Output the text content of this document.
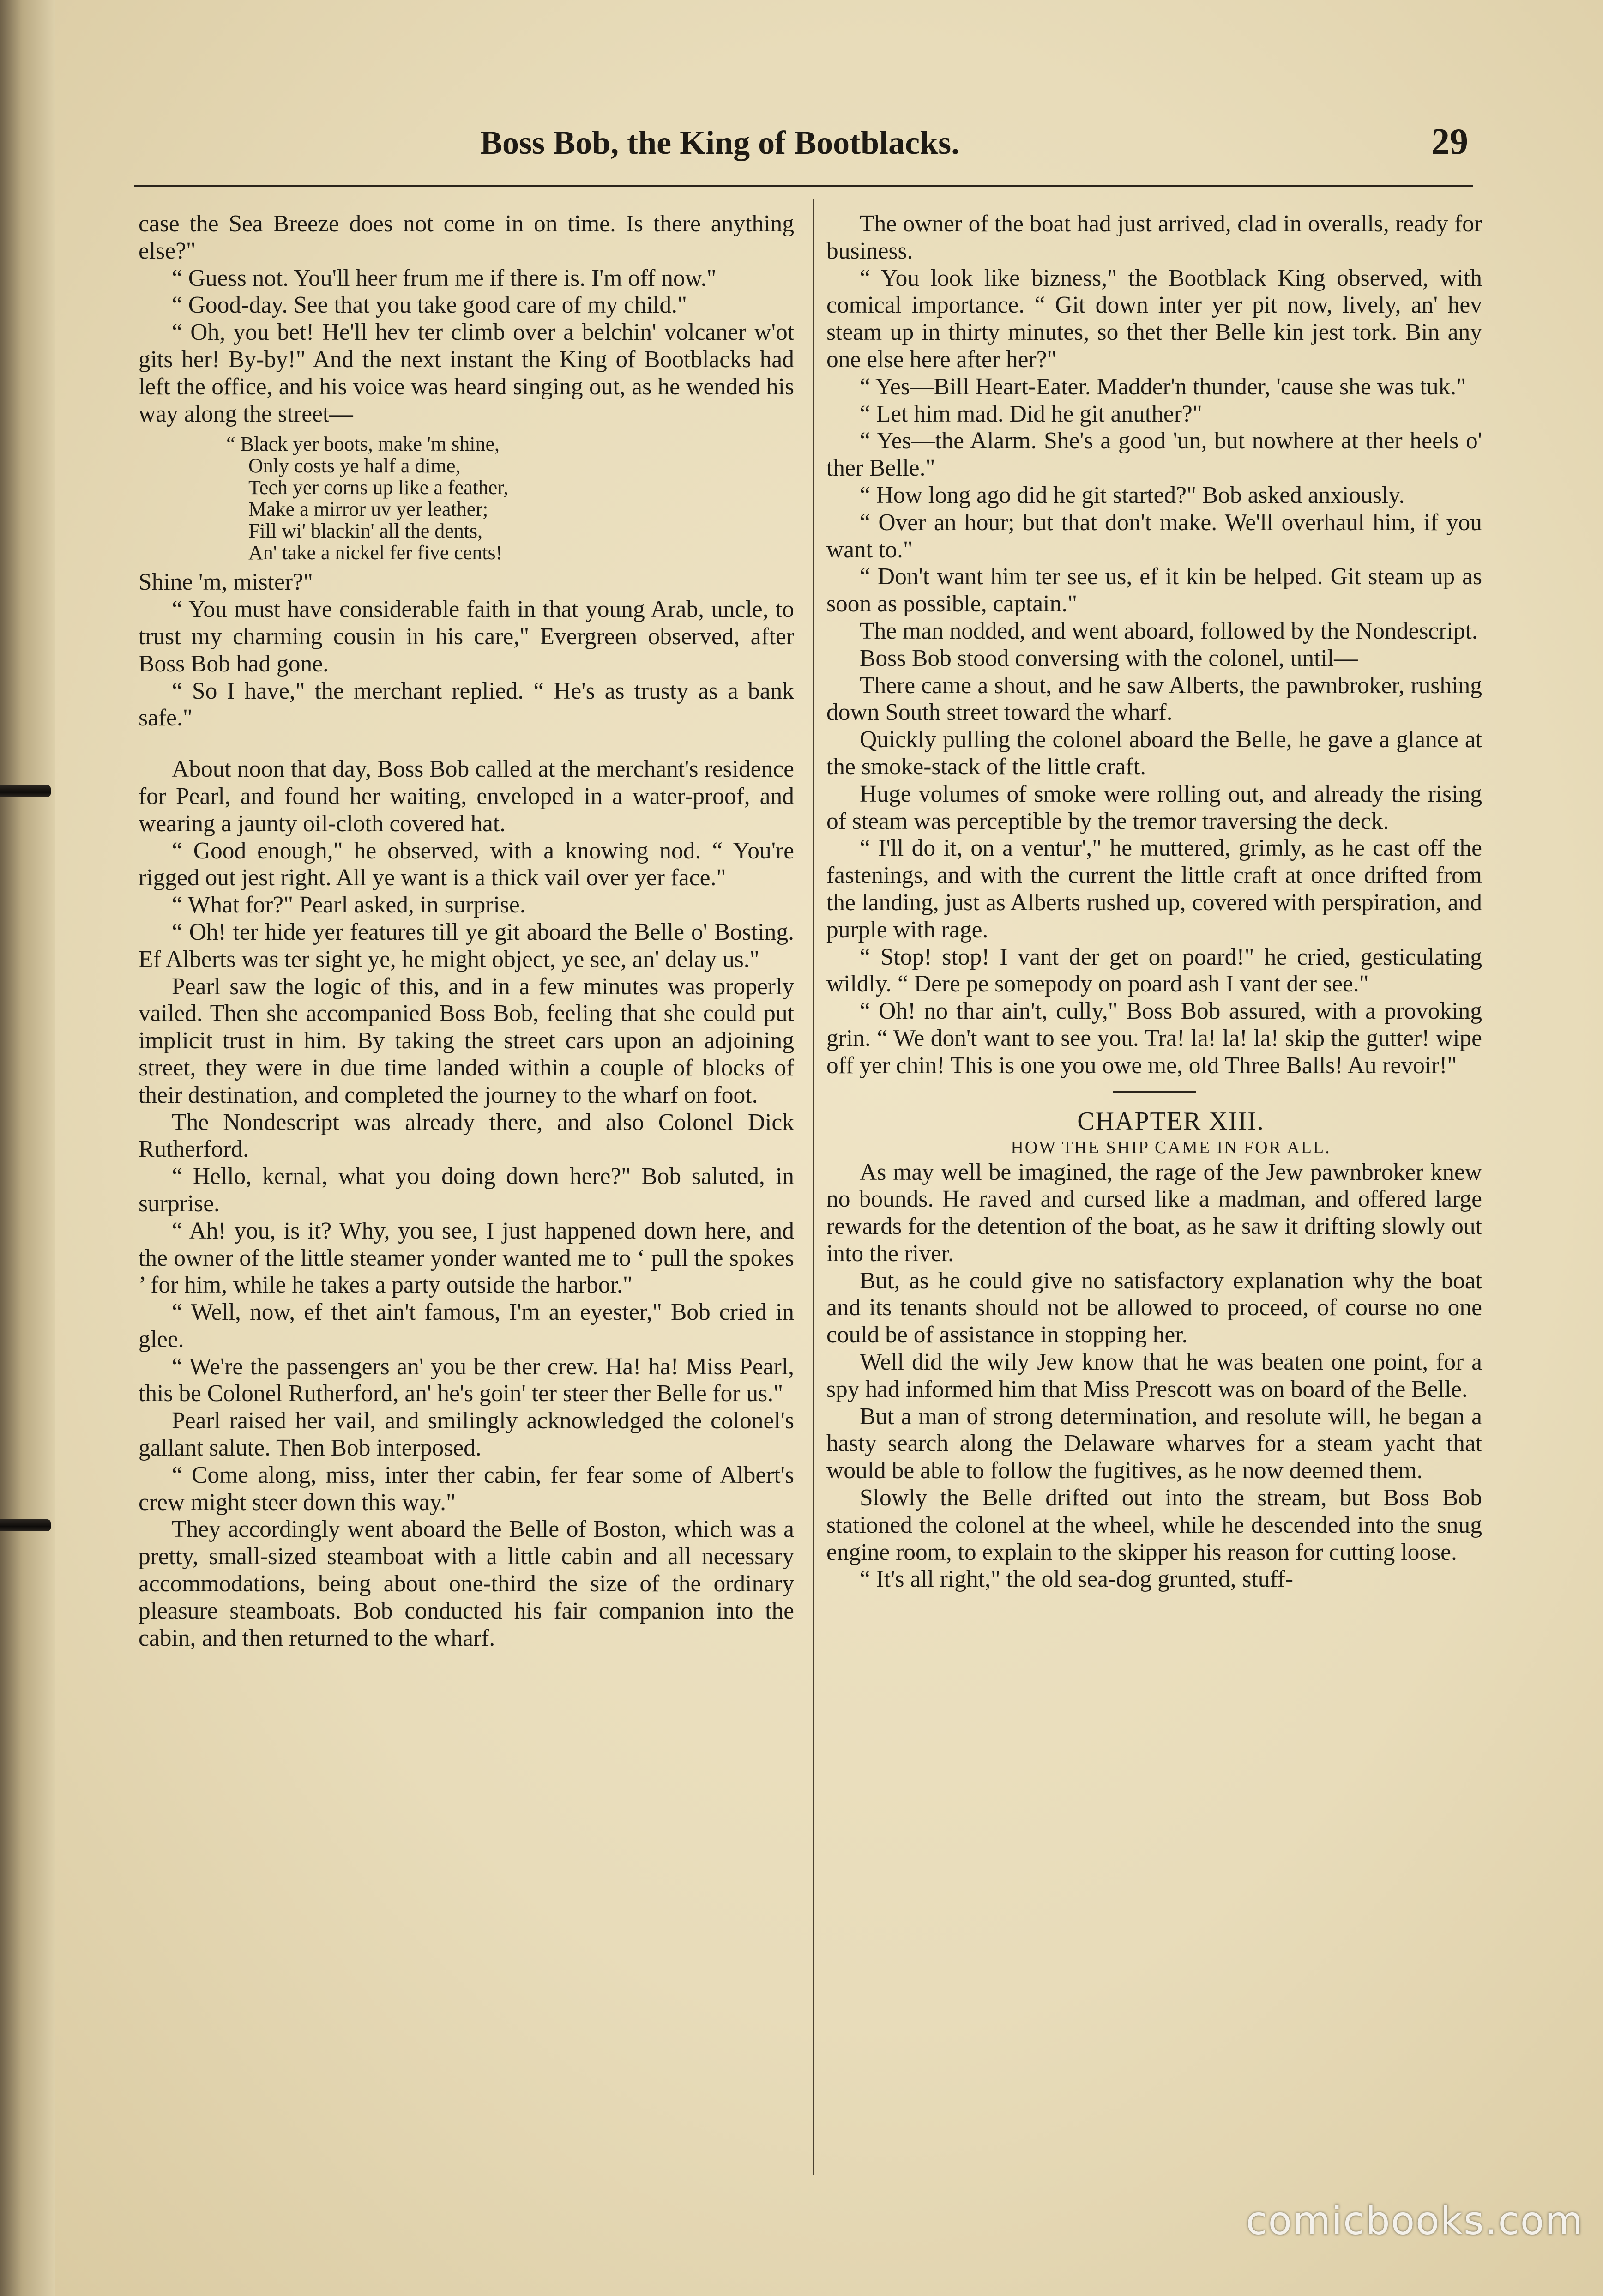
Boss Bob, the King of Bootblacks.	29

case the Sea Breeze does not come in on time. Is there anything else?"

“ Guess not. You'll heer frum me if there is. I'm off now."

“ Good-day. See that you take good care of my child."

“ Oh, you bet! He'll hev ter climb over a belchin' volcaner w'ot gits her! By-by!" And the next instant the King of Bootblacks had left the office, and his voice was heard singing out, as he wended his way along the street—

“ Black yer boots, make 'm shine,
Only costs ye half a dime,
Tech yer corns up like a feather,
Make a mirror uv yer leather;
Fill wi' blackin' all the dents,
An' take a nickel fer five cents!

Shine 'm, mister?"

“ You must have considerable faith in that young Arab, uncle, to trust my charming cousin in his care," Evergreen observed, after Boss Bob had gone.

“ So I have," the merchant replied. “ He's as trusty as a bank safe."

About noon that day, Boss Bob called at the merchant's residence for Pearl, and found her waiting, enveloped in a water-proof, and wearing a jaunty oil-cloth covered hat.

“ Good enough," he observed, with a knowing nod. “ You're rigged out jest right. All ye want is a thick vail over yer face."

“ What for?" Pearl asked, in surprise.

“ Oh! ter hide yer features till ye git aboard the Belle o' Bosting. Ef Alberts was ter sight ye, he might object, ye see, an' delay us."

Pearl saw the logic of this, and in a few minutes was properly vailed. Then she accompanied Boss Bob, feeling that she could put implicit trust in him. By taking the street cars upon an adjoining street, they were in due time landed within a couple of blocks of their destination, and completed the journey to the wharf on foot.

The Nondescript was already there, and also Colonel Dick Rutherford.

“ Hello, kernal, what you doing down here?" Bob saluted, in surprise.

“ Ah! you, is it? Why, you see, I just happened down here, and the owner of the little steamer yonder wanted me to ‘ pull the spokes ’ for him, while he takes a party outside the harbor."

“ Well, now, ef thet ain't famous, I'm an eyester," Bob cried in glee.

“ We're the passengers an' you be ther crew. Ha! ha! Miss Pearl, this be Colonel Rutherford, an' he's goin' ter steer ther Belle for us."

Pearl raised her vail, and smilingly acknowledged the colonel's gallant salute. Then Bob interposed.

“ Come along, miss, inter ther cabin, fer fear some of Albert's crew might steer down this way."

They accordingly went aboard the Belle of Boston, which was a pretty, small-sized steamboat with a little cabin and all necessary accommodations, being about one-third the size of the ordinary pleasure steamboats. Bob conducted his fair companion into the cabin, and then returned to the wharf.

The owner of the boat had just arrived, clad in overalls, ready for business.

“ You look like bizness," the Bootblack King observed, with comical importance. “ Git down inter yer pit now, lively, an' hev steam up in thirty minutes, so thet ther Belle kin jest tork. Bin any one else here after her?"

“ Yes—Bill Heart-Eater. Madder'n thunder, 'cause she was tuk."

“ Let him mad. Did he git anuther?"

“ Yes—the Alarm. She's a good 'un, but nowhere at ther heels o' ther Belle."

“ How long ago did he git started?" Bob asked anxiously.

“ Over an hour; but that don't make. We'll overhaul him, if you want to."

“ Don't want him ter see us, ef it kin be helped. Git steam up as soon as possible, captain."

The man nodded, and went aboard, followed by the Nondescript.

Boss Bob stood conversing with the colonel, until—

There came a shout, and he saw Alberts, the pawnbroker, rushing down South street toward the wharf.

Quickly pulling the colonel aboard the Belle, he gave a glance at the smoke-stack of the little craft.

Huge volumes of smoke were rolling out, and already the rising of steam was perceptible by the tremor traversing the deck.

“ I'll do it, on a ventur'," he muttered, grimly, as he cast off the fastenings, and with the current the little craft at once drifted from the landing, just as Alberts rushed up, covered with perspiration, and purple with rage.

“ Stop! stop! I vant der get on poard!" he cried, gesticulating wildly. “ Dere pe somepody on poard ash I vant der see."

“ Oh! no thar ain't, cully," Boss Bob assured, with a provoking grin. “ We don't want to see you. Tra! la! la! la! skip the gutter! wipe off yer chin! This is one you owe me, old Three Balls! Au revoir!"

CHAPTER XIII.

HOW THE SHIP CAME IN FOR ALL.

As may well be imagined, the rage of the Jew pawnbroker knew no bounds. He raved and cursed like a madman, and offered large rewards for the detention of the boat, as he saw it drifting slowly out into the river.

But, as he could give no satisfactory explanation why the boat and its tenants should not be allowed to proceed, of course no one could be of assistance in stopping her.

Well did the wily Jew know that he was beaten one point, for a spy had informed him that Miss Prescott was on board of the Belle.

But a man of strong determination, and resolute will, he began a hasty search along the Delaware wharves for a steam yacht that would be able to follow the fugitives, as he now deemed them.

Slowly the Belle drifted out into the stream, but Boss Bob stationed the colonel at the wheel, while he descended into the snug engine room, to explain to the skipper his reason for cutting loose.

“ It's all right," the old sea-dog grunted, stuff-

comicbooks.com
